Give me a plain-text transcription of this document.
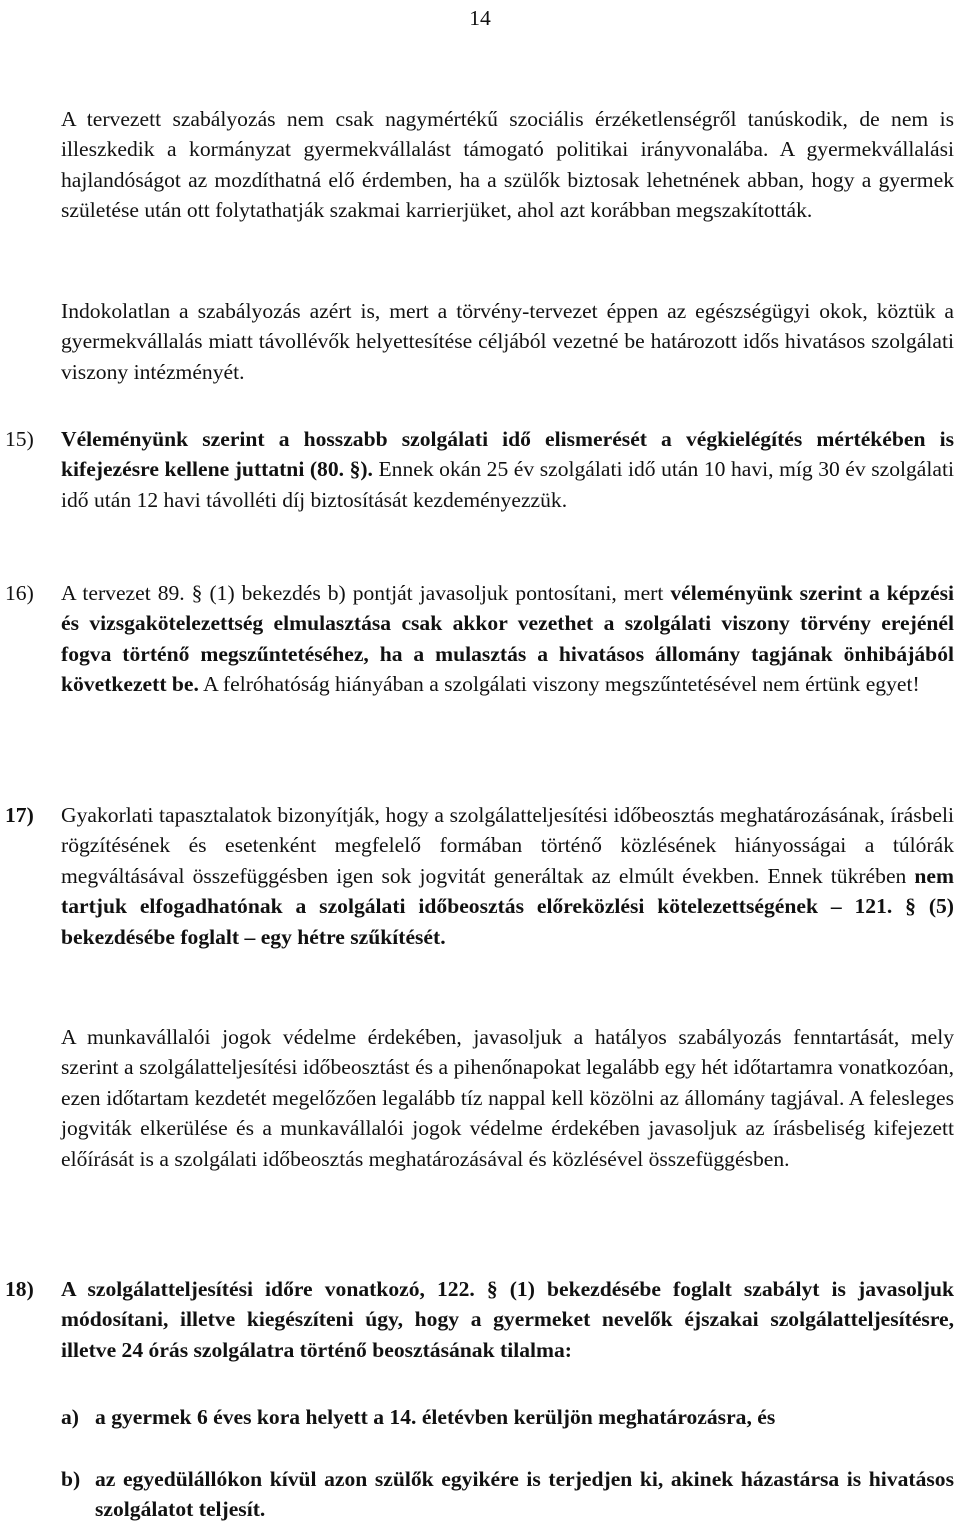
14

A tervezett szabályozás nem csak nagymértékű szociális érzéketlenségről tanúskodik, de nem is illeszkedik a kormányzat gyermekvállalást támogató politikai irányvonalába. A gyermekvállalási hajlandóságot az mozdíthatná elő érdemben, ha a szülők biztosak lehetnének abban, hogy a gyermek születése után ott folytathatják szakmai karrierjüket, ahol azt korábban megszakították.

Indokolatlan a szabályozás azért is, mert a törvény-tervezet éppen az egészségügyi okok, köztük a gyermekvállalás miatt távollévők helyettesítése céljából vezetné be határozott idős hivatásos szolgálati viszony intézményét.

15) Véleményünk szerint a hosszabb szolgálati idő elismerését a végkielégítés mértékében is kifejezésre kellene juttatni (80. §). Ennek okán 25 év szolgálati idő után 10 havi, míg 30 év szolgálati idő után 12 havi távolléti díj biztosítását kezdeményezzük.
16) A tervezet 89. § (1) bekezdés b) pontját javasoljuk pontosítani, mert véleményünk szerint a képzési és vizsgakötelezettség elmulasztása csak akkor vezethet a szolgálati viszony törvény erejénél fogva történő megszűntetéséhez, ha a mulasztás a hivatásos állomány tagjának önhibájából következett be. A felróhatóság hiányában a szolgálati viszony megszűntetésével nem értünk egyet!
17) Gyakorlati tapasztalatok bizonyítják, hogy a szolgálatteljesítési időbeosztás meghatározásának, írásbeli rögzítésének és esetenként megfelelő formában történő közlésének hiányosságai a túlórák megváltásával összefüggésben igen sok jogvitát generáltak az elmúlt években. Ennek tükrében nem tartjuk elfogadhatónak a szolgálati időbeosztás előreközlési kötelezettségének – 121. § (5) bekezdésébe foglalt – egy hétre szűkítését.

A munkavállalói jogok védelme érdekében, javasoljuk a hatályos szabályozás fenntartását, mely szerint a szolgálatteljesítési időbeosztást és a pihenőnapokat legalább egy hét időtartamra vonatkozóan, ezen időtartam kezdetét megelőzően legalább tíz nappal kell közölni az állomány tagjával. A felesleges jogviták elkerülése és a munkavállalói jogok védelme érdekében javasoljuk az írásbeliség kifejezett előírását is a szolgálati időbeosztás meghatározásával és közlésével összefüggésben.

18) A szolgálatteljesítési időre vonatkozó, 122. § (1) bekezdésébe foglalt szabályt is javasoljuk módosítani, illetve kiegészíteni úgy, hogy a gyermeket nevelők éjszakai szolgálatteljesítésre, illetve 24 órás szolgálatra történő beosztásának tilalma:
a) a gyermek 6 éves kora helyett a 14. életévben kerüljön meghatározásra, és
b) az egyedülállókon kívül azon szülők egyikére is terjedjen ki, akinek házastársa is hivatásos szolgálatot teljesít.
